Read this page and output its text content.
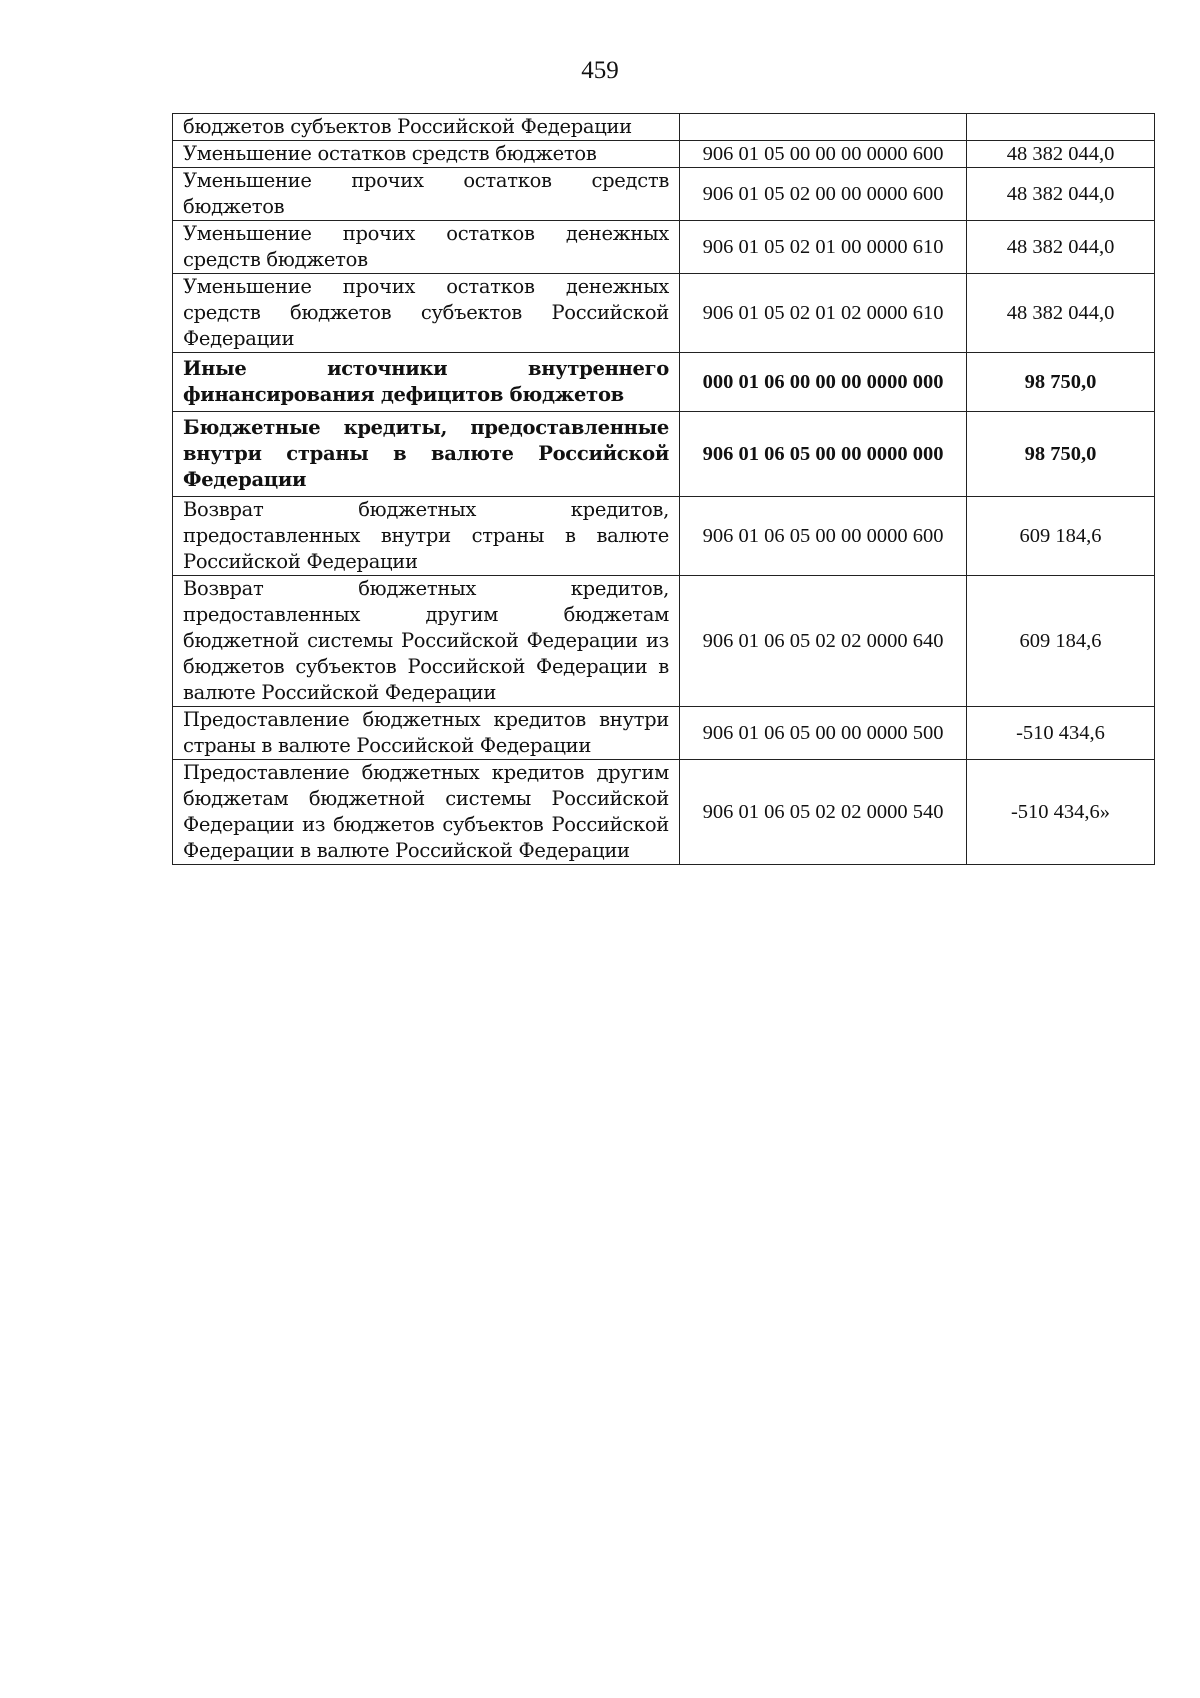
459
бюджетов субъектов Российской Федерации		
Уменьшение остатков средств бюджетов	906 01 05 00 00 00 0000 600	48 382 044,0
Уменьшение прочих остатков средств бюджетов	906 01 05 02 00 00 0000 600	48 382 044,0
Уменьшение прочих остатков денежных средств бюджетов	906 01 05 02 01 00 0000 610	48 382 044,0
Уменьшение прочих остатков денежных средств бюджетов субъектов Российской Федерации	906 01 05 02 01 02 0000 610	48 382 044,0
Иные источники внутреннего финансирования дефицитов бюджетов	000 01 06 00 00 00 0000 000	98 750,0
Бюджетные кредиты, предоставленные внутри страны в валюте Российской Федерации	906 01 06 05 00 00 0000 000	98 750,0
Возврат бюджетных кредитов, предоставленных внутри страны в валюте Российской Федерации	906 01 06 05 00 00 0000 600	609 184,6
Возврат бюджетных кредитов, предоставленных другим бюджетам бюджетной системы Российской Федерации из бюджетов субъектов Российской Федерации в валюте Российской Федерации	906 01 06 05 02 02 0000 640	609 184,6
Предоставление бюджетных кредитов внутри страны в валюте Российской Федерации	906 01 06 05 00 00 0000 500	-510 434,6
Предоставление бюджетных кредитов другим бюджетам бюджетной системы Российской Федерации из бюджетов субъектов Российской Федерации в валюте Российской Федерации	906 01 06 05 02 02 0000 540	-510 434,6»
